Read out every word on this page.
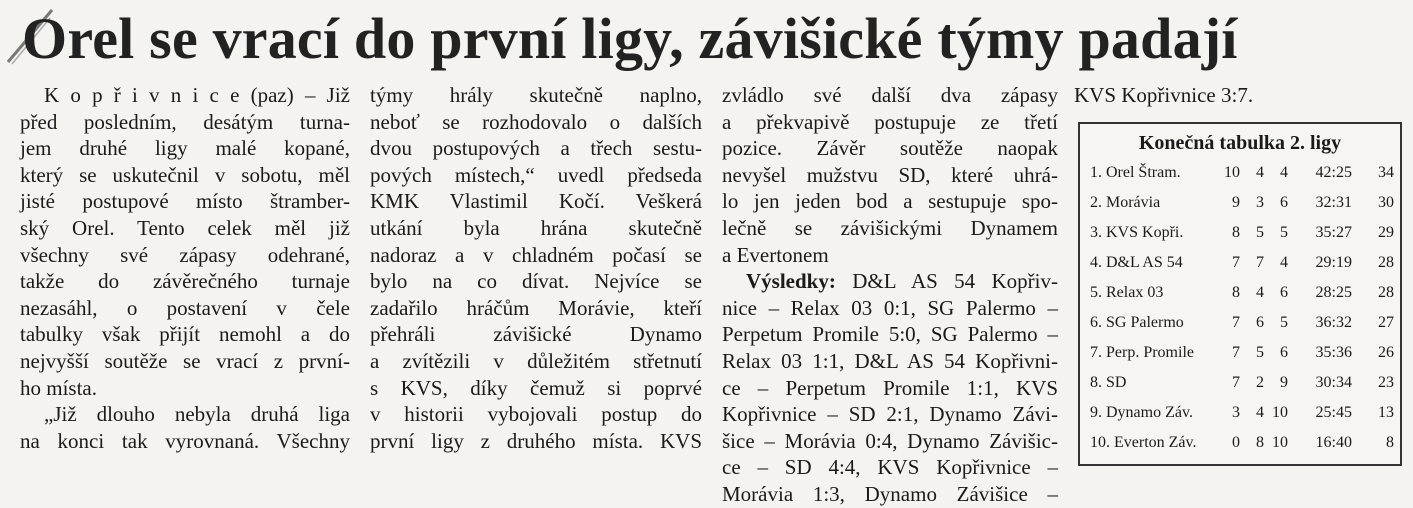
Orel se vrací do první ligy, závišické týmy padají

K o p ř i v n i c e (paz) – Již

před posledním, desátým turna-
jem druhé ligy malé kopané,
který se uskutečnil v sobotu, měl
jisté postupové místo štramber-
ský Orel. Tento celek měl již
všechny své zápasy odehrané,
takže do závěrečného turnaje
nezasáhl, o postavení v čele
tabulky však přijít nemohl a do
nejvyšší soutěže se vrací z první-
ho místa.

„Již dlouho nebyla druhá liga
na konci tak vyrovnaná. Všechny

týmy hrály skutečně naplno,
neboť se rozhodovalo o dalších
dvou postupových a třech sestu-
pových místech,“ uvedl předseda
KMK Vlastimil Kočí. Veškerá
utkání byla hrána skutečně
nadoraz a v chladném počasí se
bylo na co dívat. Nejvíce se
zadařilo hráčům Morávie, kteří
přehráli závišické Dynamo
a zvítězili v důležitém střetnutí
s KVS, díky čemuž si poprvé
v historii vybojovali postup do
první ligy z druhého místa. KVS

zvládlo své další dva zápasy
a překvapivě postupuje ze třetí
pozice. Závěr soutěže naopak
nevyšel mužstvu SD, které uhrá-
lo jen jeden bod a sestupuje spo-
lečně se závišickými Dynamem
a Evertonem

Výsledky: D&L AS 54 Kopřiv-
nice – Relax 03 0:1, SG Palermo –
Perpetum Promile 5:0, SG Palermo –
Relax 03 1:1, D&L AS 54 Kopřivni-
ce – Perpetum Promile 1:1, KVS
Kopřivnice – SD 2:1, Dynamo Závi-
šice – Morávia 0:4, Dynamo Závišic-
ce – SD 4:4, KVS Kopřivnice –
Morávia 1:3, Dynamo Závišice –

KVS Kopřivnice 3:7.
Konečná tabulka 2. ligy
1. Orel Štram.	10	4	4	42:25	34
2. Morávia	9	3	6	32:31	30
3. KVS Kopři.	8	5	5	35:27	29
4. D&L AS 54	7	7	4	29:19	28
5. Relax 03	8	4	6	28:25	28
6. SG Palermo	7	6	5	36:32	27
7. Perp. Promile	7	5	6	35:36	26
8. SD	7	2	9	30:34	23
9. Dynamo Záv.	3	4	10	25:45	13
10. Everton Záv.	0	8	10	16:40	8
